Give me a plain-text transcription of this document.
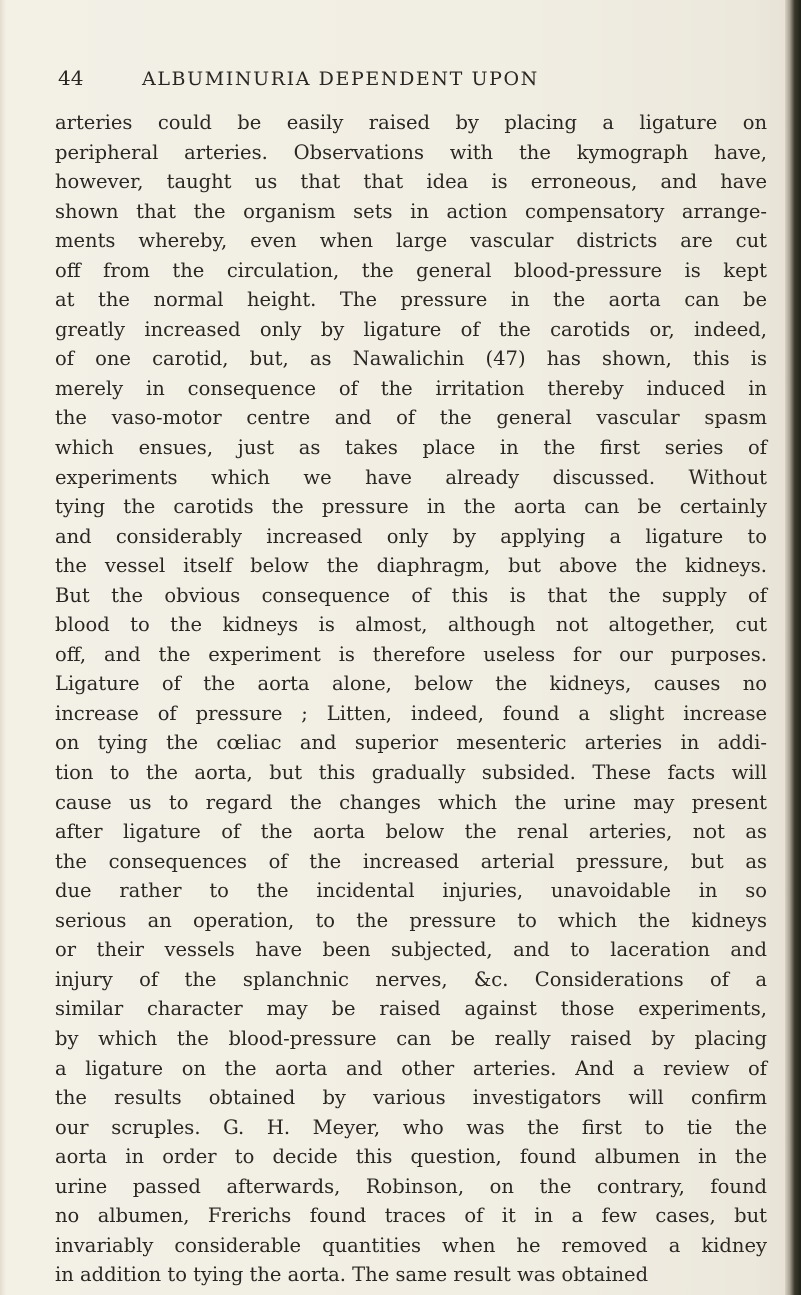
44	ALBUMINURIA DEPENDENT UPON
arteries could be easily raised by placing a ligature on
peripheral arteries. Observations with the kymograph have,
however, taught us that that idea is erroneous, and have
shown that the organism sets in action compensatory arrange-
ments whereby, even when large vascular districts are cut
off from the circulation, the general blood-pressure is kept
at the normal height. The pressure in the aorta can be
greatly increased only by ligature of the carotids or, indeed,
of one carotid, but, as Nawalichin (47) has shown, this is
merely in consequence of the irritation thereby induced in
the vaso-motor centre and of the general vascular spasm
which ensues, just as takes place in the first series of
experiments which we have already discussed. Without
tying the carotids the pressure in the aorta can be certainly
and considerably increased only by applying a ligature to
the vessel itself below the diaphragm, but above the kidneys.
But the obvious consequence of this is that the supply of
blood to the kidneys is almost, although not altogether, cut
off, and the experiment is therefore useless for our purposes.
Ligature of the aorta alone, below the kidneys, causes no
increase of pressure ; Litten, indeed, found a slight increase
on tying the cœliac and superior mesenteric arteries in addi-
tion to the aorta, but this gradually subsided. These facts will
cause us to regard the changes which the urine may present
after ligature of the aorta below the renal arteries, not as
the consequences of the increased arterial pressure, but as
due rather to the incidental injuries, unavoidable in so
serious an operation, to the pressure to which the kidneys
or their vessels have been subjected, and to laceration and
injury of the splanchnic nerves, &c. Considerations of a
similar character may be raised against those experiments,
by which the blood-pressure can be really raised by placing
a ligature on the aorta and other arteries. And a review of
the results obtained by various investigators will confirm
our scruples. G. H. Meyer, who was the first to tie the
aorta in order to decide this question, found albumen in the
urine passed afterwards, Robinson, on the contrary, found
no albumen, Frerichs found traces of it in a few cases, but
invariably considerable quantities when he removed a kidney
in addition to tying the aorta. The same result was obtained
